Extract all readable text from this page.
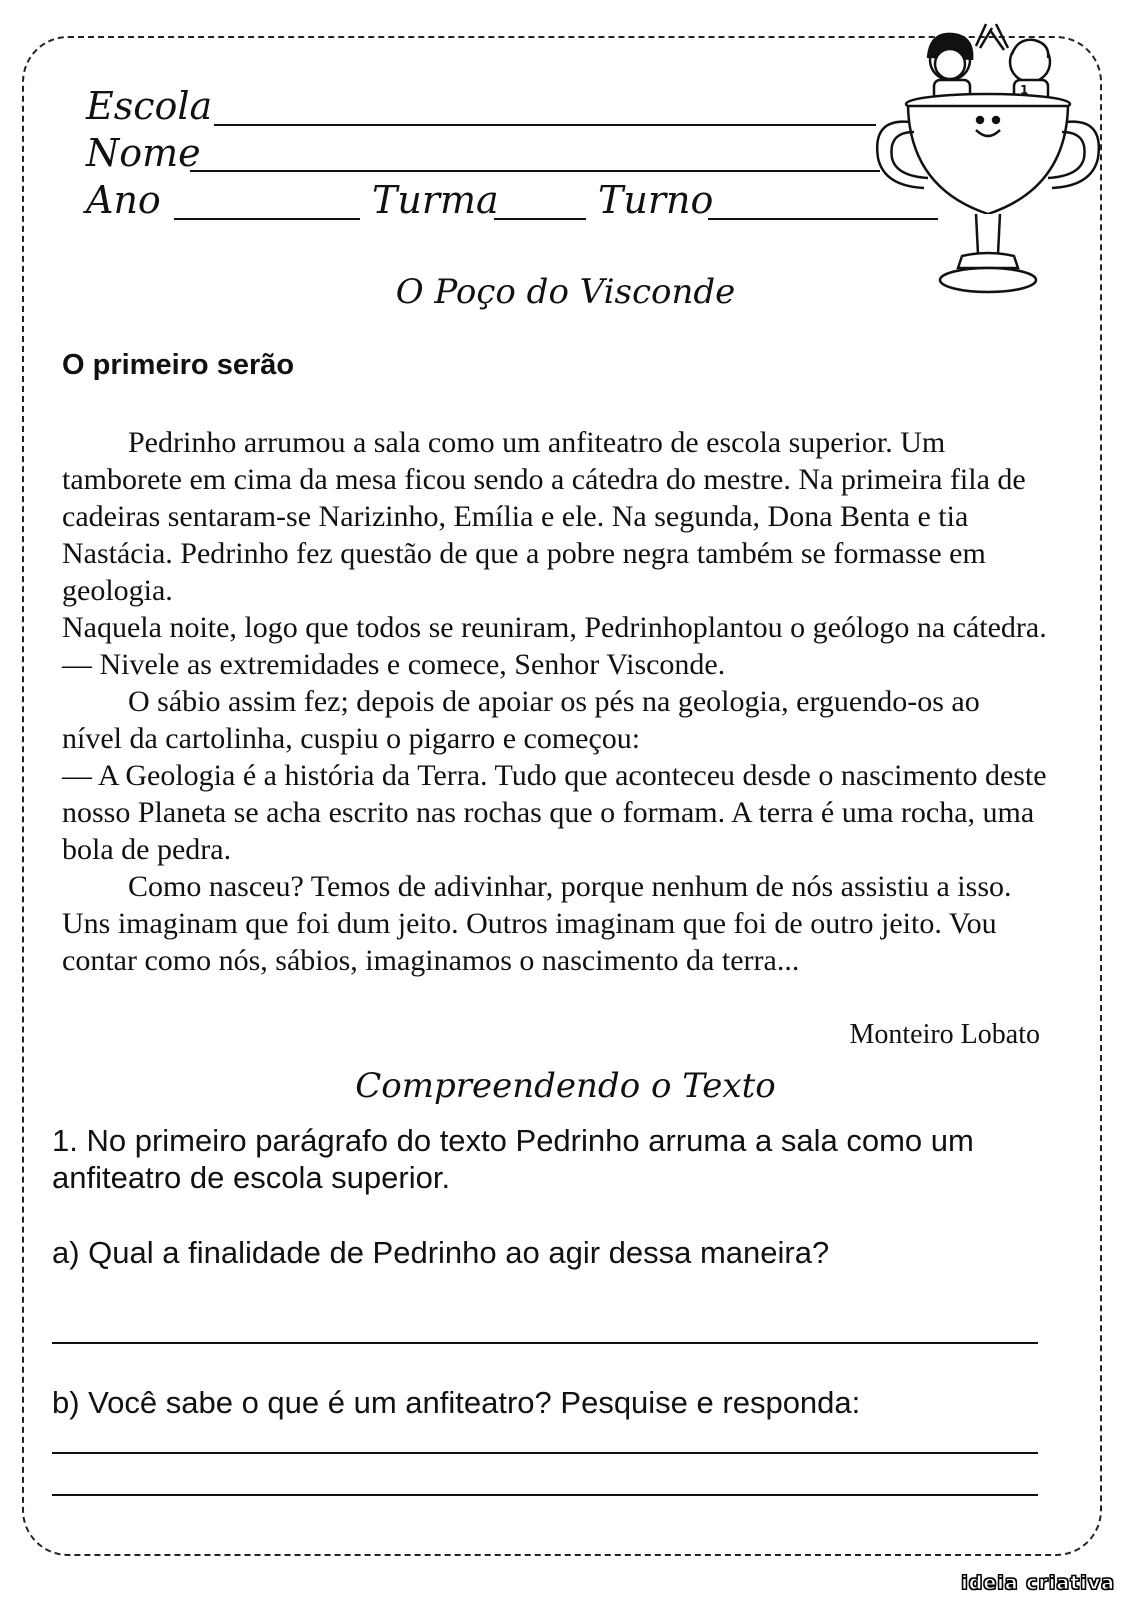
Escola
Nome
Ano	Turma	Turno
1
O Poço do Visconde
O primeiro serão

Pedrinho arrumou a sala como um anfiteatro de escola superior. Um tamborete em cima da mesa ficou sendo a cátedra do mestre. Na primeira fila de cadeiras sentaram-se Narizinho, Emília e ele. Na segunda, Dona Benta e tia Nastácia. Pedrinho fez questão de que a pobre negra também se formasse em geologia.

Naquela noite, logo que todos se reuniram, Pedrinhoplantou o geólogo na cátedra.

— Nivele as extremidades e comece, Senhor Visconde.

O sábio assim fez; depois de apoiar os pés na geologia, erguendo-os ao nível da cartolinha, cuspiu o pigarro e começou:

— A Geologia é a história da Terra. Tudo que aconteceu desde o nascimento deste nosso Planeta se acha escrito nas rochas que o formam. A terra é uma rocha, uma bola de pedra.

Como nasceu? Temos de adivinhar, porque nenhum de nós assistiu a isso. Uns imaginam que foi dum jeito. Outros imaginam que foi de outro jeito. Vou contar como nós, sábios, imaginamos o nascimento da terra...

Monteiro Lobato
Compreendendo o Texto
1. No primeiro parágrafo do texto Pedrinho arruma a sala como um anfiteatro de escola superior.
a) Qual a finalidade de Pedrinho ao agir dessa maneira?
b) Você sabe o que é um anfiteatro? Pesquise e responda:
ideia criativa
